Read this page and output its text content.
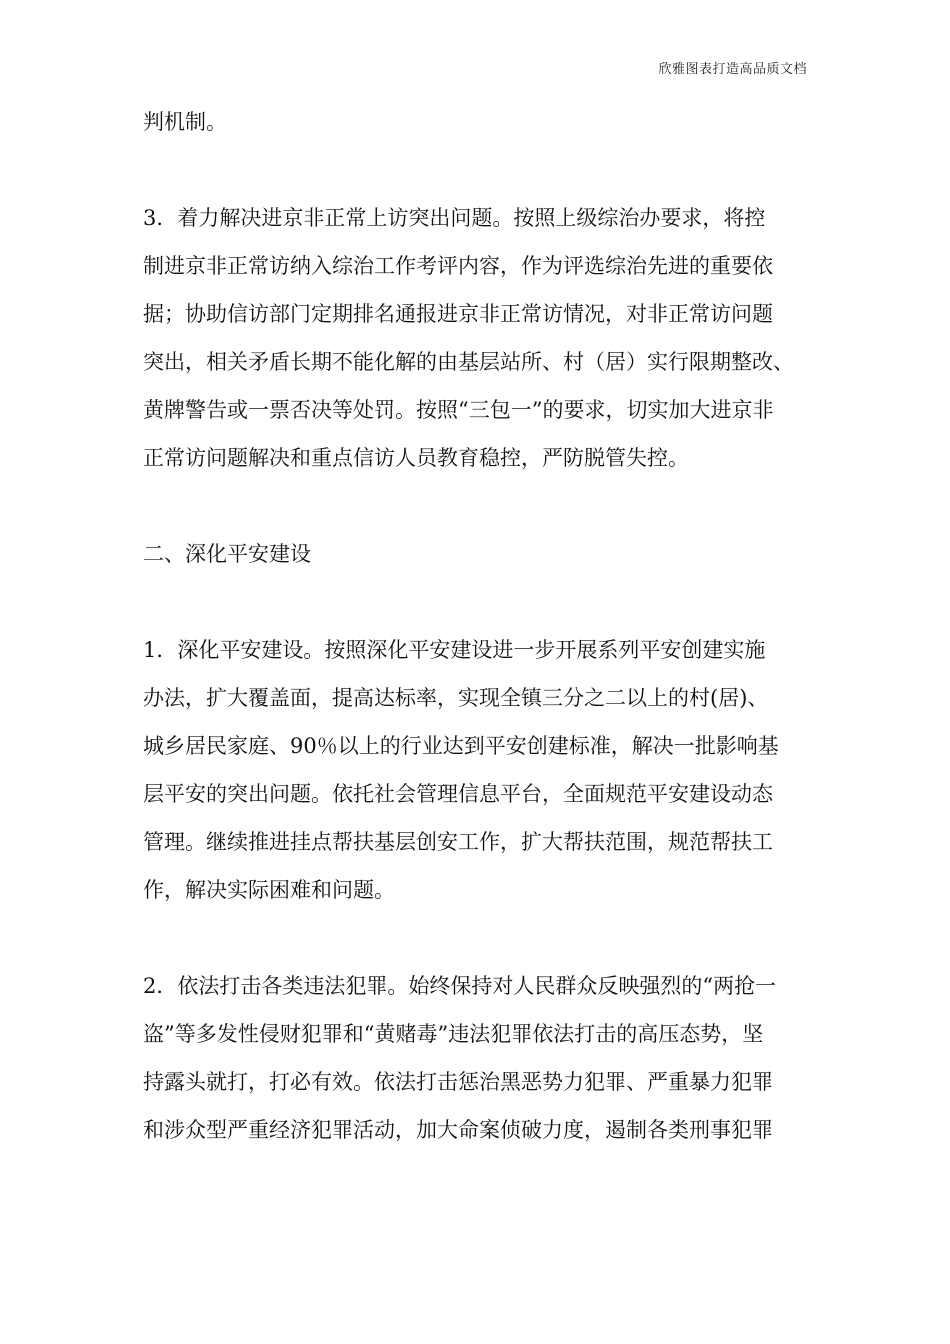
欣雅图表打造高品质文档
判机制。
3．着力解决进京非正常上访突出问题。按照上级综治办要求，将控
制进京非正常访纳入综治工作考评内容，作为评选综治先进的重要依
据；协助信访部门定期排名通报进京非正常访情况，对非正常访问题
突出，相关矛盾长期不能化解的由基层站所、村（居）实行限期整改、
黄牌警告或一票否决等处罚。按照“三包一”的要求，切实加大进京非
正常访问题解决和重点信访人员教育稳控，严防脱管失控。
二、深化平安建设
1．深化平安建设。按照深化平安建设进一步开展系列平安创建实施
办法，扩大覆盖面，提高达标率，实现全镇三分之二以上的村(居)、
城乡居民家庭、90％以上的行业达到平安创建标准，解决一批影响基
层平安的突出问题。依托社会管理信息平台，全面规范平安建设动态
管理。继续推进挂点帮扶基层创安工作，扩大帮扶范围，规范帮扶工
作，解决实际困难和问题。
2．依法打击各类违法犯罪。始终保持对人民群众反映强烈的“两抢一
盗”等多发性侵财犯罪和“黄赌毒”违法犯罪依法打击的高压态势，坚
持露头就打，打必有效。依法打击惩治黑恶势力犯罪、严重暴力犯罪
和涉众型严重经济犯罪活动，加大命案侦破力度，遏制各类刑事犯罪
